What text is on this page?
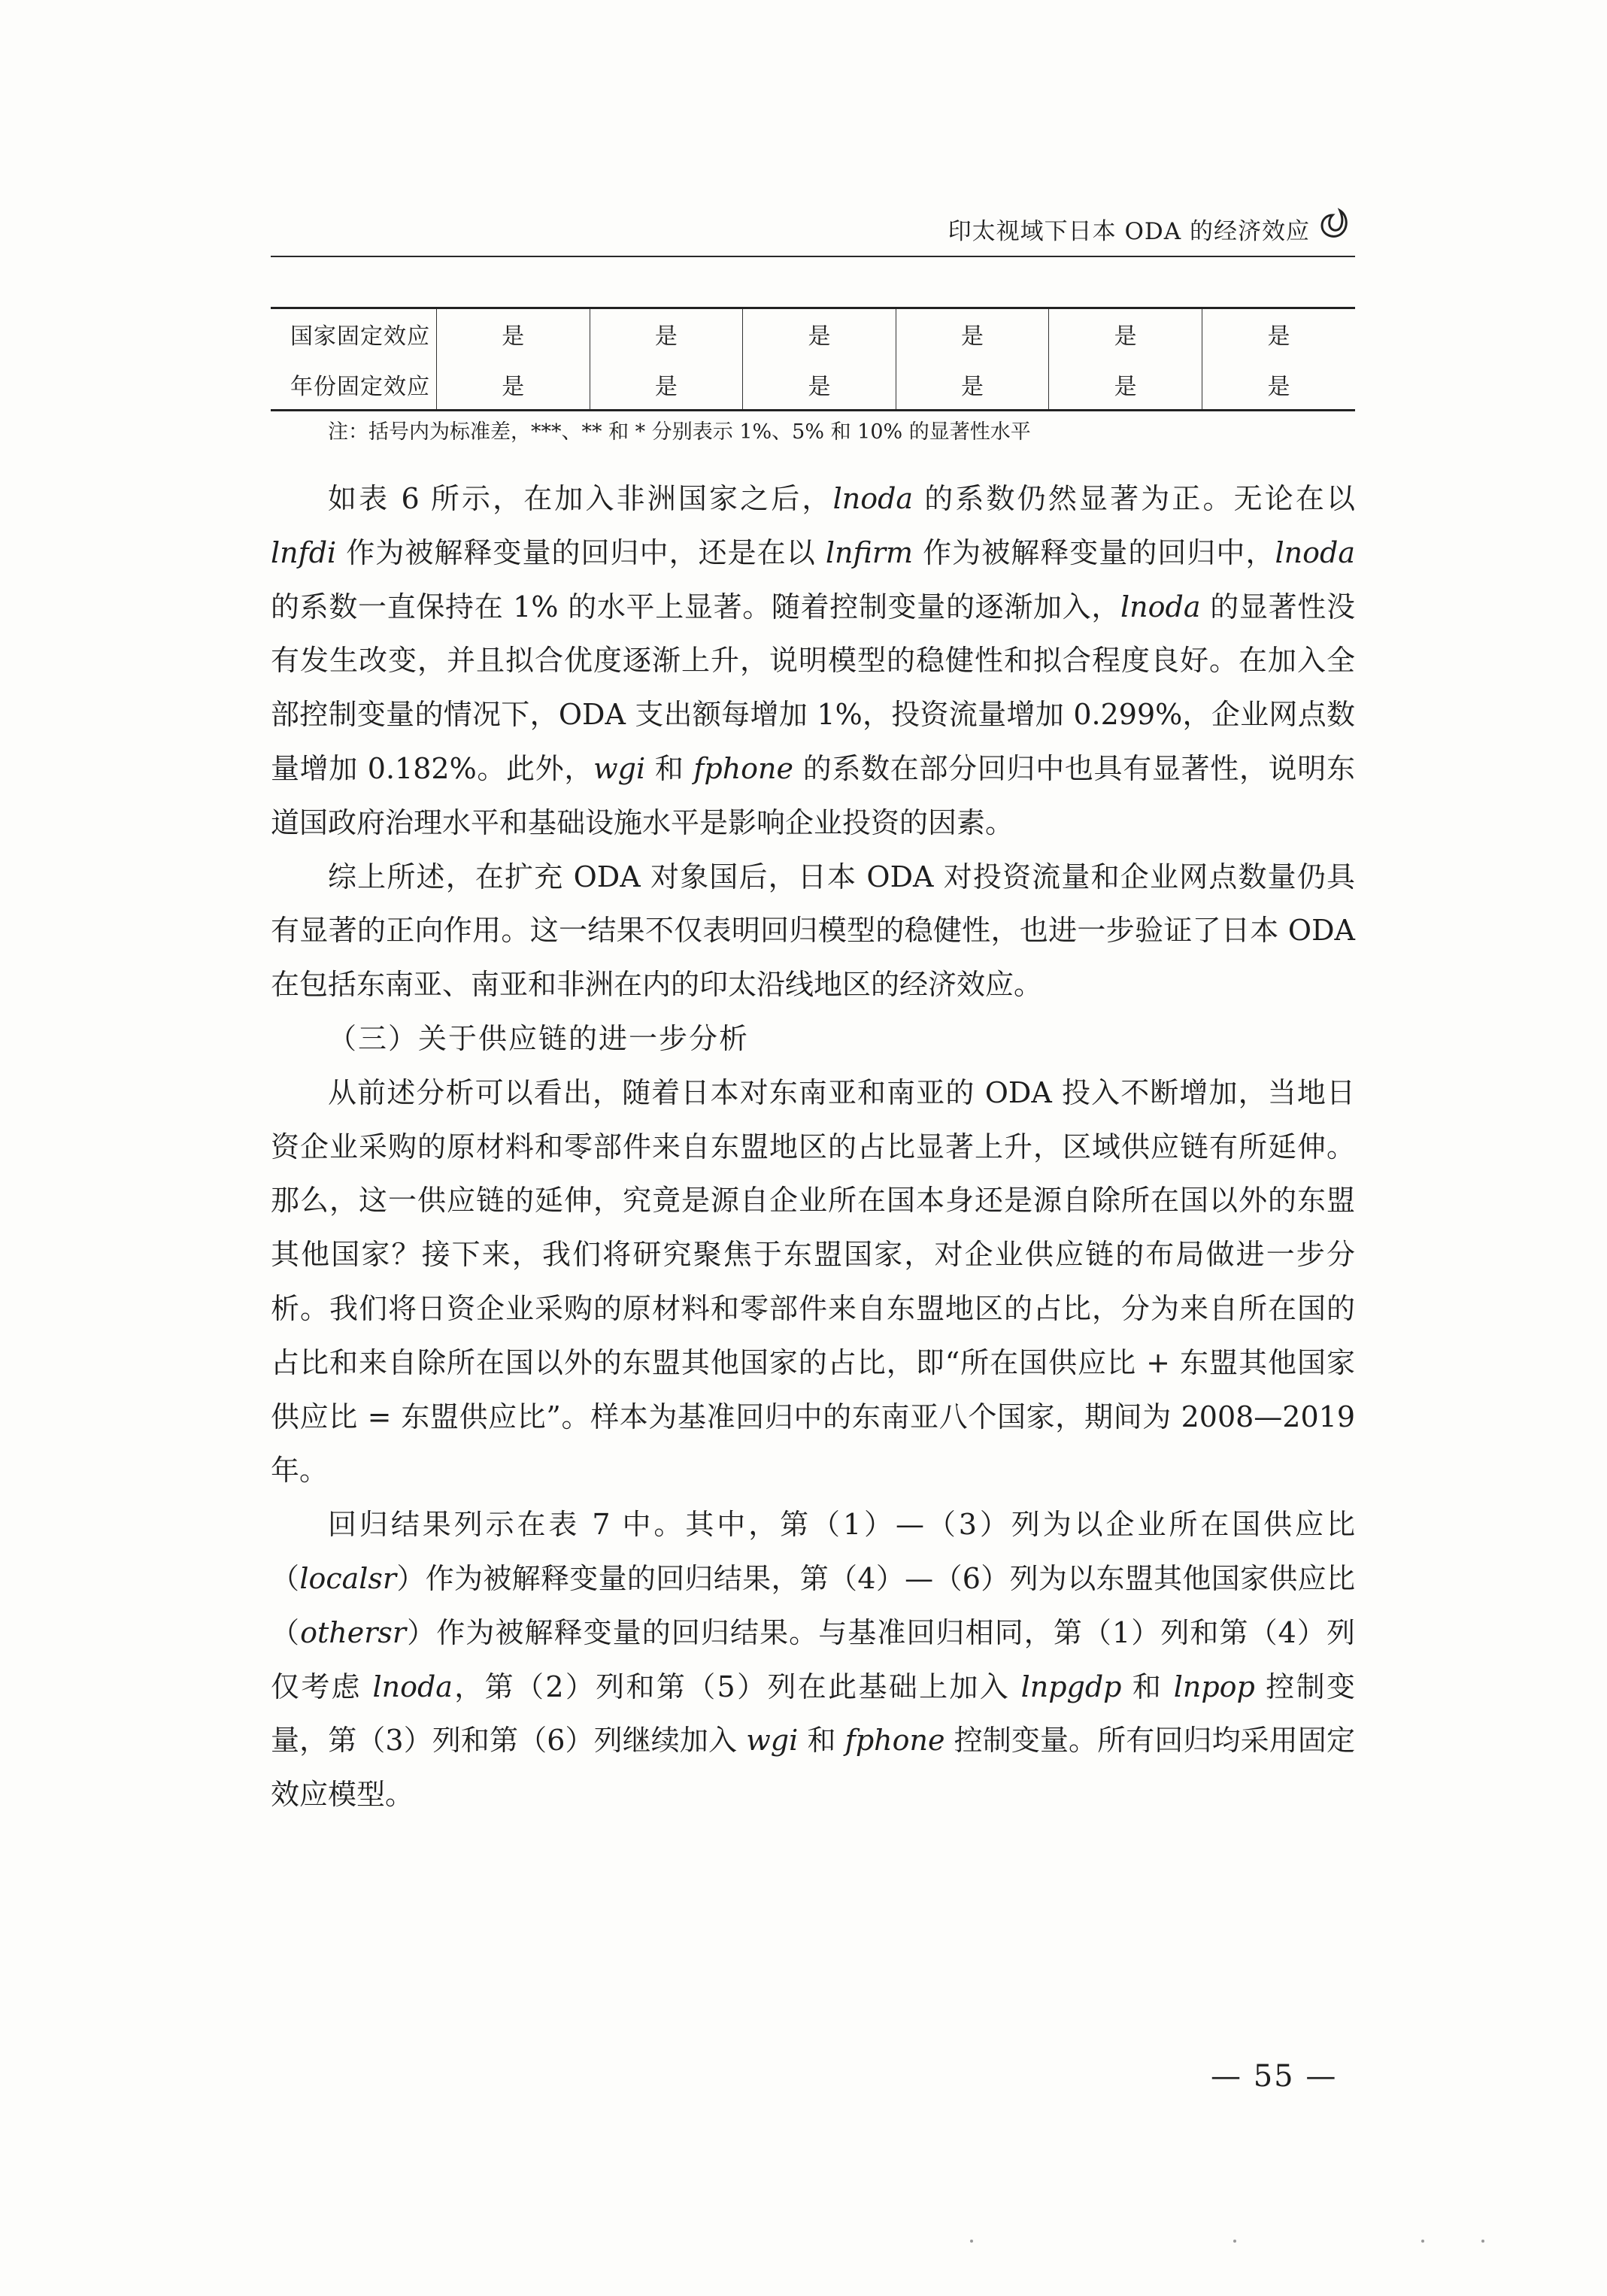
印太视域下日本 ODA 的经济效应
国家固定效应	是	是	是	是	是	是
年份固定效应	是	是	是	是	是	是
注：括号内为标准差，***、** 和 * 分别表示 1%、5% 和 10% 的显著性水平

如表 6 所示，在加入非洲国家之后，lnoda 的系数仍然显著为正。无论在以 lnfdi 作为被解释变量的回归中，还是在以 lnfirm 作为被解释变量的回归中，lnoda 的系数一直保持在 1% 的水平上显著。随着控制变量的逐渐加入，lnoda 的显著性没有发生改变，并且拟合优度逐渐上升，说明模型的稳健性和拟合程度良好。在加入全部控制变量的情况下，ODA 支出额每增加 1%，投资流量增加 0.299%，企业网点数量增加 0.182%。此外，wgi 和 fphone 的系数在部分回归中也具有显著性，说明东道国政府治理水平和基础设施水平是影响企业投资的因素。

综上所述，在扩充 ODA 对象国后，日本 ODA 对投资流量和企业网点数量仍具有显著的正向作用。这一结果不仅表明回归模型的稳健性，也进一步验证了日本 ODA 在包括东南亚、南亚和非洲在内的印太沿线地区的经济效应。

（三）关于供应链的进一步分析

从前述分析可以看出，随着日本对东南亚和南亚的 ODA 投入不断增加，当地日资企业采购的原材料和零部件来自东盟地区的占比显著上升，区域供应链有所延伸。那么，这一供应链的延伸，究竟是源自企业所在国本身还是源自除所在国以外的东盟其他国家？接下来，我们将研究聚焦于东盟国家，对企业供应链的布局做进一步分析。我们将日资企业采购的原材料和零部件来自东盟地区的占比，分为来自所在国的占比和来自除所在国以外的东盟其他国家的占比，即“所在国供应比 + 东盟其他国家供应比 = 东盟供应比”。样本为基准回归中的东南亚八个国家，期间为 2008—2019 年。

回归结果列示在表 7 中。其中，第（1）—（3）列为以企业所在国供应比（localsr）作为被解释变量的回归结果，第（4）—（6）列为以东盟其他国家供应比（othersr）作为被解释变量的回归结果。与基准回归相同，第（1）列和第（4）列仅考虑 lnoda，第（2）列和第（5）列在此基础上加入 lnpgdp 和 lnpop 控制变量，第（3）列和第（6）列继续加入 wgi 和 fphone 控制变量。所有回归均采用固定效应模型。

— 55 —
